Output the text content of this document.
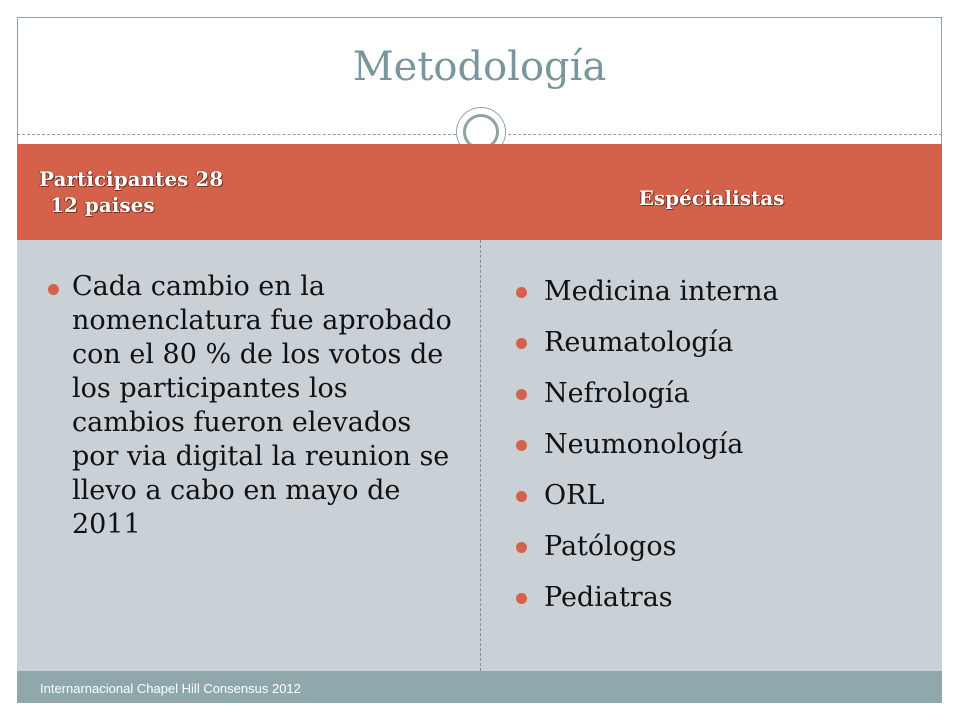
Metodología
Participantes 28
12 paises	Espécialistas
Cada cambio en la nomenclatura fue aprobado con el 80 % de los votos de los participantes los cambios fueron elevados por via digital la reunion se llevo a cabo en mayo de 2011
Medicina interna
Reumatología
Nefrología
Neumonología
ORL
Patólogos
Pediatras
Internarnacional Chapel Hill Consensus 2012
